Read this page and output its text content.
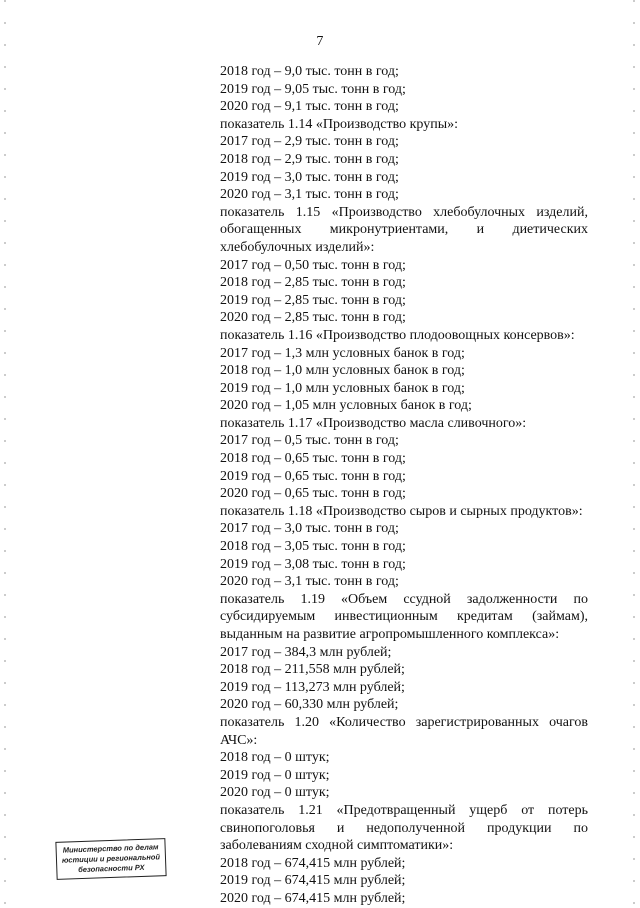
7
2018 год – 9,0 тыс. тонн в год;
2019 год – 9,05 тыс. тонн в год;
2020 год – 9,1 тыс. тонн в год;
показатель 1.14 «Производство крупы»:
2017 год – 2,9 тыс. тонн в год;
2018 год – 2,9 тыс. тонн в год;
2019 год – 3,0 тыс. тонн в год;
2020 год – 3,1 тыс. тонн в год;
показатель 1.15 «Производство хлебобулочных изделий, обогащенных микронутриентами, и диетических хлебобулочных изделий»:
2017 год – 0,50 тыс. тонн в год;
2018 год – 2,85 тыс. тонн в год;
2019 год – 2,85 тыс. тонн в год;
2020 год – 2,85 тыс. тонн в год;
показатель 1.16 «Производство плодоовощных консервов»:
2017 год – 1,3 млн условных банок в год;
2018 год – 1,0 млн условных банок в год;
2019 год – 1,0 млн условных банок в год;
2020 год – 1,05 млн условных банок в год;
показатель 1.17 «Производство масла сливочного»:
2017 год – 0,5 тыс. тонн в год;
2018 год – 0,65 тыс. тонн в год;
2019 год – 0,65 тыс. тонн в год;
2020 год – 0,65 тыс. тонн в год;
показатель 1.18 «Производство сыров и сырных продуктов»:
2017 год – 3,0 тыс. тонн в год;
2018 год – 3,05 тыс. тонн в год;
2019 год – 3,08 тыс. тонн в год;
2020 год – 3,1 тыс. тонн в год;
показатель 1.19 «Объем ссудной задолженности по субсидируемым инвестиционным кредитам (займам), выданным на развитие агропромышленного комплекса»:
2017 год – 384,3 млн рублей;
2018 год – 211,558 млн рублей;
2019 год – 113,273 млн рублей;
2020 год – 60,330 млн рублей;
показатель 1.20 «Количество зарегистрированных очагов АЧС»:
2018 год – 0 штук;
2019 год – 0 штук;
2020 год – 0 штук;
показатель 1.21 «Предотвращенный ущерб от потерь свинопоголовья и недополученной продукции по заболеваниям сходной симптоматики»:
2018 год – 674,415 млн рублей;
2019 год – 674,415 млн рублей;
2020 год – 674,415 млн рублей;
Министерство по делам юстиции и региональной безопасности РХ
